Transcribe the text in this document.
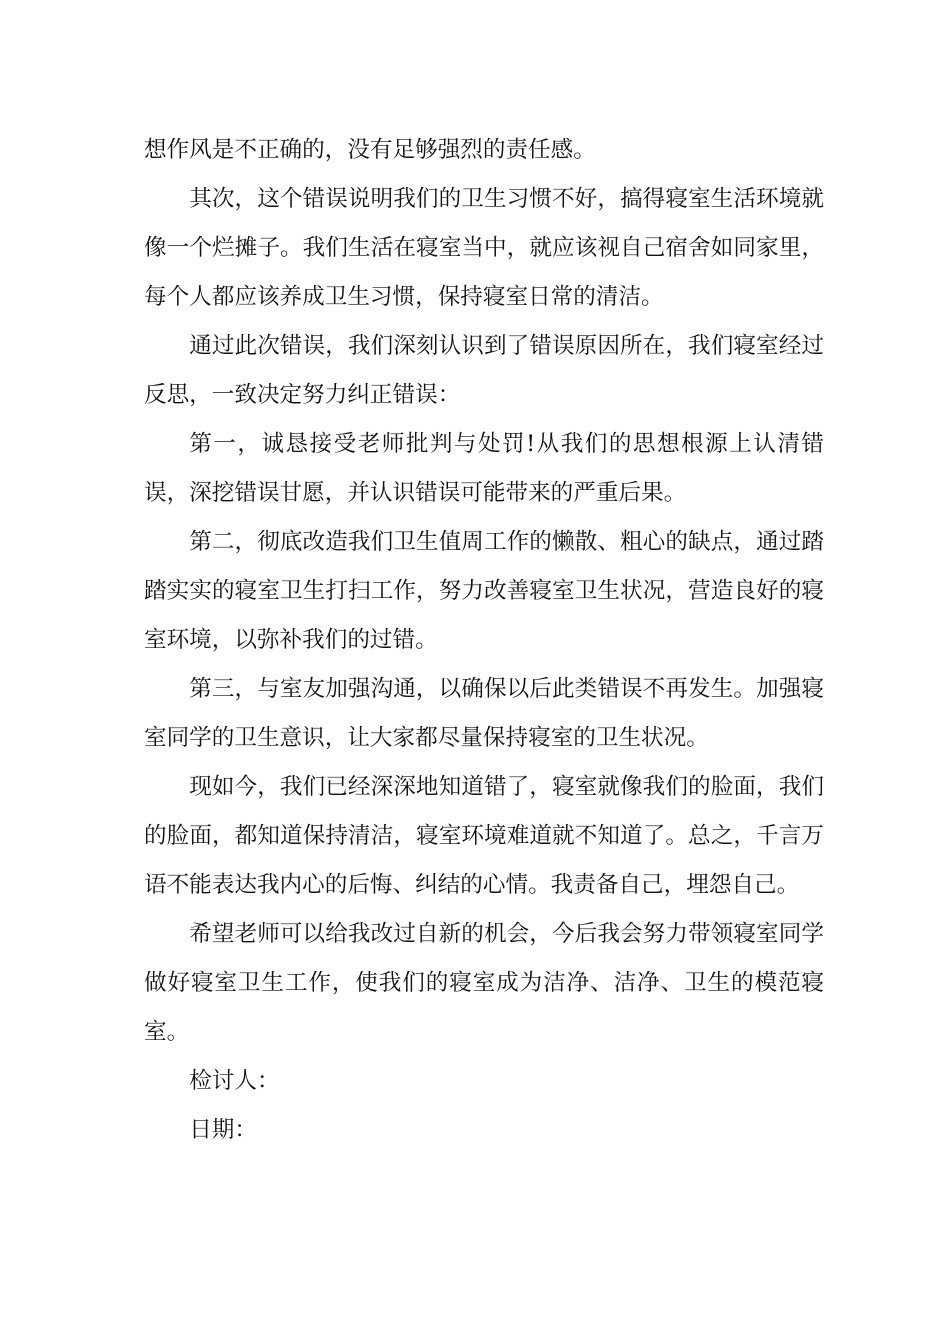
想作风是不正确的，没有足够强烈的责任感。

其次，这个错误说明我们的卫生习惯不好，搞得寝室生活环境就像一个烂摊子。我们生活在寝室当中，就应该视自己宿舍如同家里，每个人都应该养成卫生习惯，保持寝室日常的清洁。

通过此次错误，我们深刻认识到了错误原因所在，我们寝室经过反思，一致决定努力纠正错误：

第一，诚恳接受老师批判与处罚!从我们的思想根源上认清错误，深挖错误甘愿，并认识错误可能带来的严重后果。

第二，彻底改造我们卫生值周工作的懒散、粗心的缺点，通过踏踏实实的寝室卫生打扫工作，努力改善寝室卫生状况，营造良好的寝室环境，以弥补我们的过错。

第三，与室友加强沟通，以确保以后此类错误不再发生。加强寝室同学的卫生意识，让大家都尽量保持寝室的卫生状况。

现如今，我们已经深深地知道错了，寝室就像我们的脸面，我们的脸面，都知道保持清洁，寝室环境难道就不知道了。总之，千言万语不能表达我内心的后悔、纠结的心情。我责备自己，埋怨自己。

希望老师可以给我改过自新的机会，今后我会努力带领寝室同学做好寝室卫生工作，使我们的寝室成为洁净、洁净、卫生的模范寝室。

检讨人：

日期：
